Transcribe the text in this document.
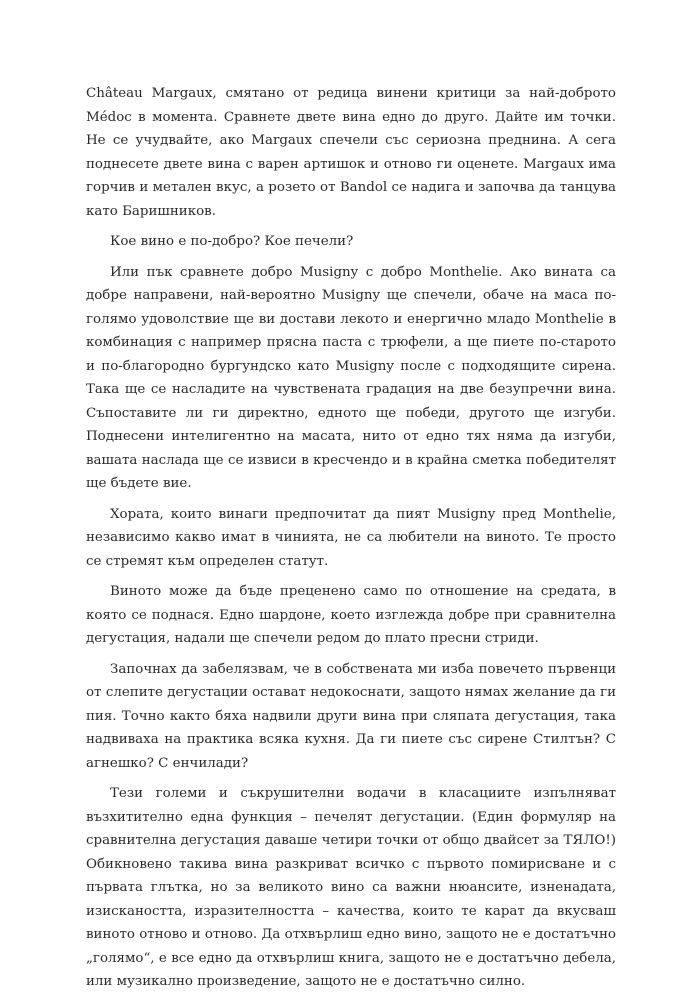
Château Margaux, смятано от редица винени критици за най-доброто Médoc в момента. Сравнете двете вина едно до друго. Дайте им точки. Не се учудвайте, ако Margaux спечели със сериозна преднина. А сега поднесете двете вина с варен артишок и отново ги оценете. Margaux има горчив и метален вкус, а розето от Bandol се надига и започва да танцува като Баришников.

Кое вино е по-добро? Кое печели?

Или пък сравнете добро Musigny с добро Monthelie. Ако вината са добре направени, най-вероятно Musigny ще спечели, обаче на маса по-голямо удоволствие ще ви достави лекото и енергично младо Monthelie в комбинация с например прясна паста с трюфели, а ще пиете по-старото и по-благородно бургундско като Musigny после с подходящите сирена. Така ще се насладите на чувствената градация на две безупречни вина. Съпоставите ли ги директно, едното ще победи, другото ще изгуби. Поднесени интелигентно на масата, нито от едно тях няма да изгуби, вашата наслада ще се извиси в кресчендо и в крайна сметка победителят ще бъдете вие.

Хората, които винаги предпочитат да пият Musigny пред Monthelie, независимо какво имат в чинията, не са любители на виното. Те просто се стремят към определен статут.

Виното може да бъде преценено само по отношение на средата, в която се поднася. Едно шардоне, което изглежда добре при сравнителна дегустация, надали ще спечели редом до плато пресни стриди.

Започнах да забелязвам, че в собствената ми изба повечето първенци от слепите дегустации остават недокоснати, защото нямах желание да ги пия. Точно както бяха надвили други вина при сляпата дегустация, така надвиваха на практика всяка кухня. Да ги пиете със сирене Стилтън? С агнешко? С енчилади?

Тези големи и съкрушителни водачи в класациите изпълняват възхитително една функция – печелят дегустации. (Един формуляр на сравнителна дегустация даваше четири точки от общо двайсет за ТЯЛО!) Обикновено такива вина разкриват всичко с първото помирисване и с първата глътка, но за великото вино са важни нюансите, изненадата, изискаността, изразителността – качества, които те карат да вкусваш виното отново и отново. Да отхвърлиш едно вино, защото не е достатъчно „голямо“, е все едно да отхвърлиш книга, защото не е достатъчно дебела, или музикално произведение, защото не е достатъчно силно.
